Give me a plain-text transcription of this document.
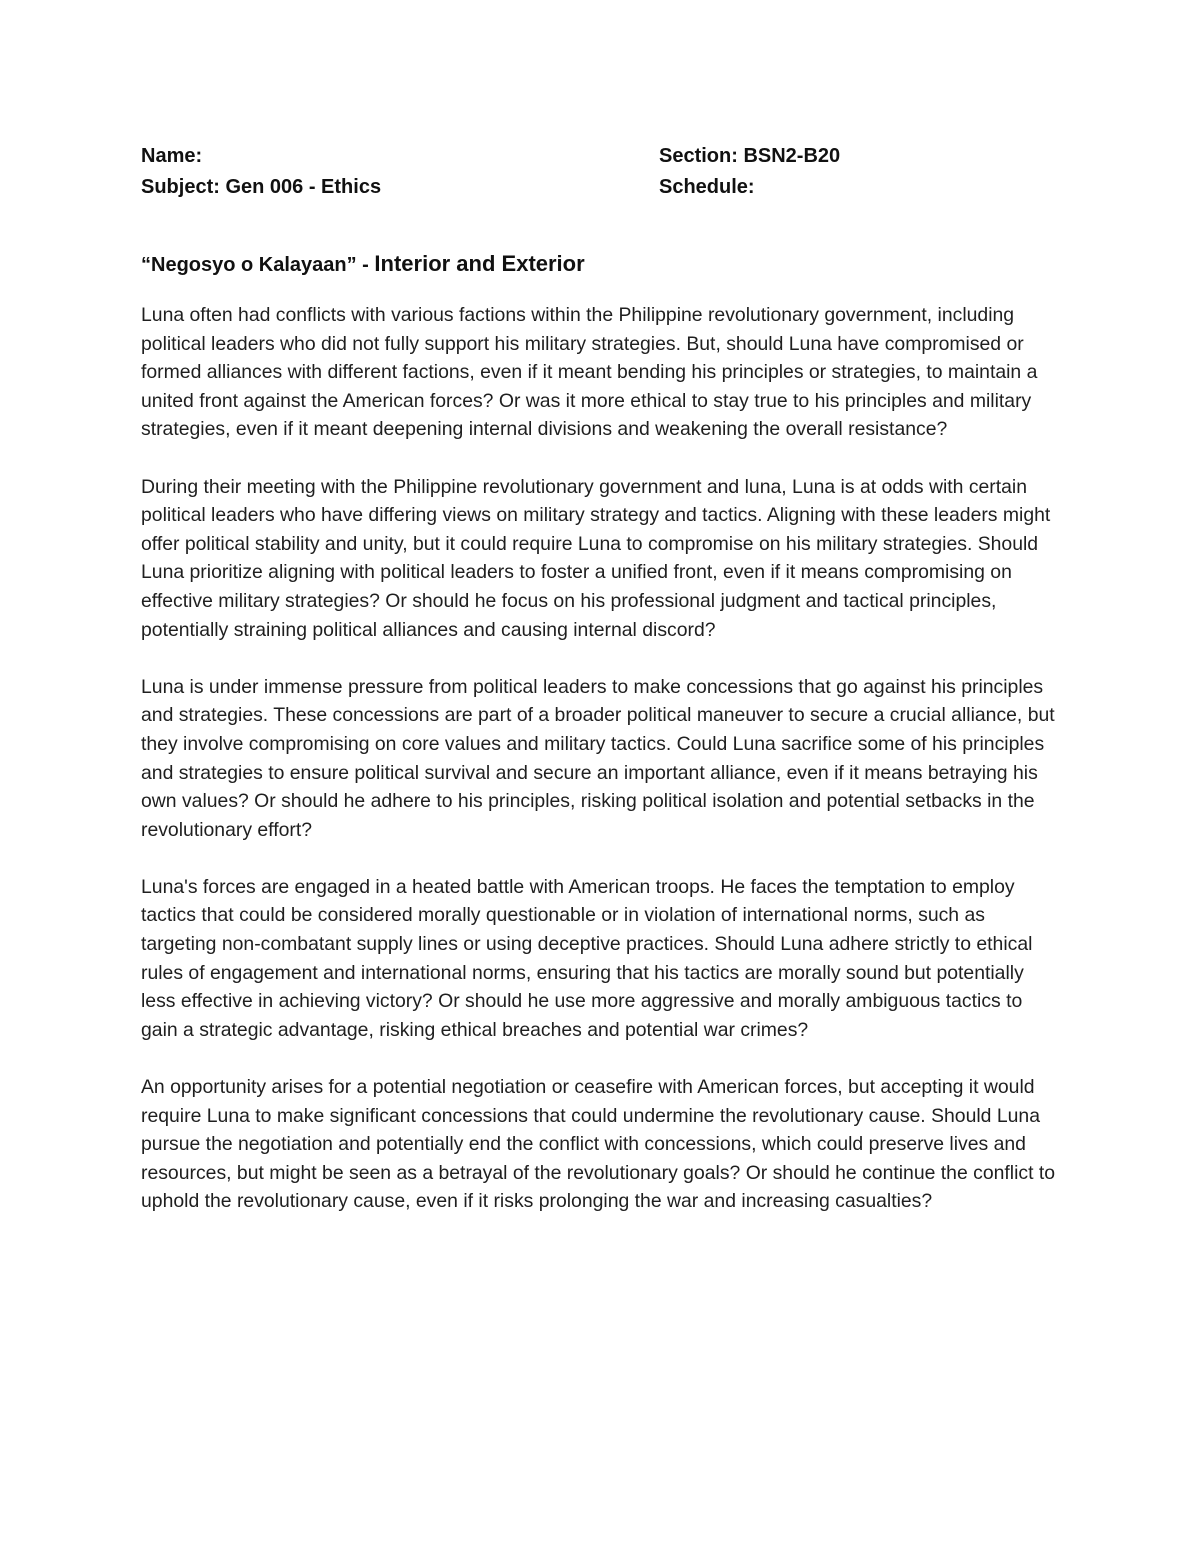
Name:	Section: BSN2-B20
Subject: Gen 006 - Ethics	Schedule:
“Negosyo o Kalayaan” - Interior and Exterior

Luna often had conflicts with various factions within the Philippine revolutionary government, including political leaders who did not fully support his military strategies. But, should Luna have compromised or formed alliances with different factions, even if it meant bending his principles or strategies, to maintain a united front against the American forces? Or was it more ethical to stay true to his principles and military strategies, even if it meant deepening internal divisions and weakening the overall resistance?

During their meeting with the Philippine revolutionary government and luna, Luna is at odds with certain political leaders who have differing views on military strategy and tactics. Aligning with these leaders might offer political stability and unity, but it could require Luna to compromise on his military strategies. Should Luna prioritize aligning with political leaders to foster a unified front, even if it means compromising on effective military strategies? Or should he focus on his professional judgment and tactical principles, potentially straining political alliances and causing internal discord?

Luna is under immense pressure from political leaders to make concessions that go against his principles and strategies. These concessions are part of a broader political maneuver to secure a crucial alliance, but they involve compromising on core values and military tactics. Could Luna sacrifice some of his principles and strategies to ensure political survival and secure an important alliance, even if it means betraying his own values? Or should he adhere to his principles, risking political isolation and potential setbacks in the revolutionary effort?

Luna's forces are engaged in a heated battle with American troops. He faces the temptation to employ tactics that could be considered morally questionable or in violation of international norms, such as targeting non-combatant supply lines or using deceptive practices. Should Luna adhere strictly to ethical rules of engagement and international norms, ensuring that his tactics are morally sound but potentially less effective in achieving victory? Or should he use more aggressive and morally ambiguous tactics to gain a strategic advantage, risking ethical breaches and potential war crimes?

An opportunity arises for a potential negotiation or ceasefire with American forces, but accepting it would require Luna to make significant concessions that could undermine the revolutionary cause. Should Luna pursue the negotiation and potentially end the conflict with concessions, which could preserve lives and resources, but might be seen as a betrayal of the revolutionary goals? Or should he continue the conflict to uphold the revolutionary cause, even if it risks prolonging the war and increasing casualties?
